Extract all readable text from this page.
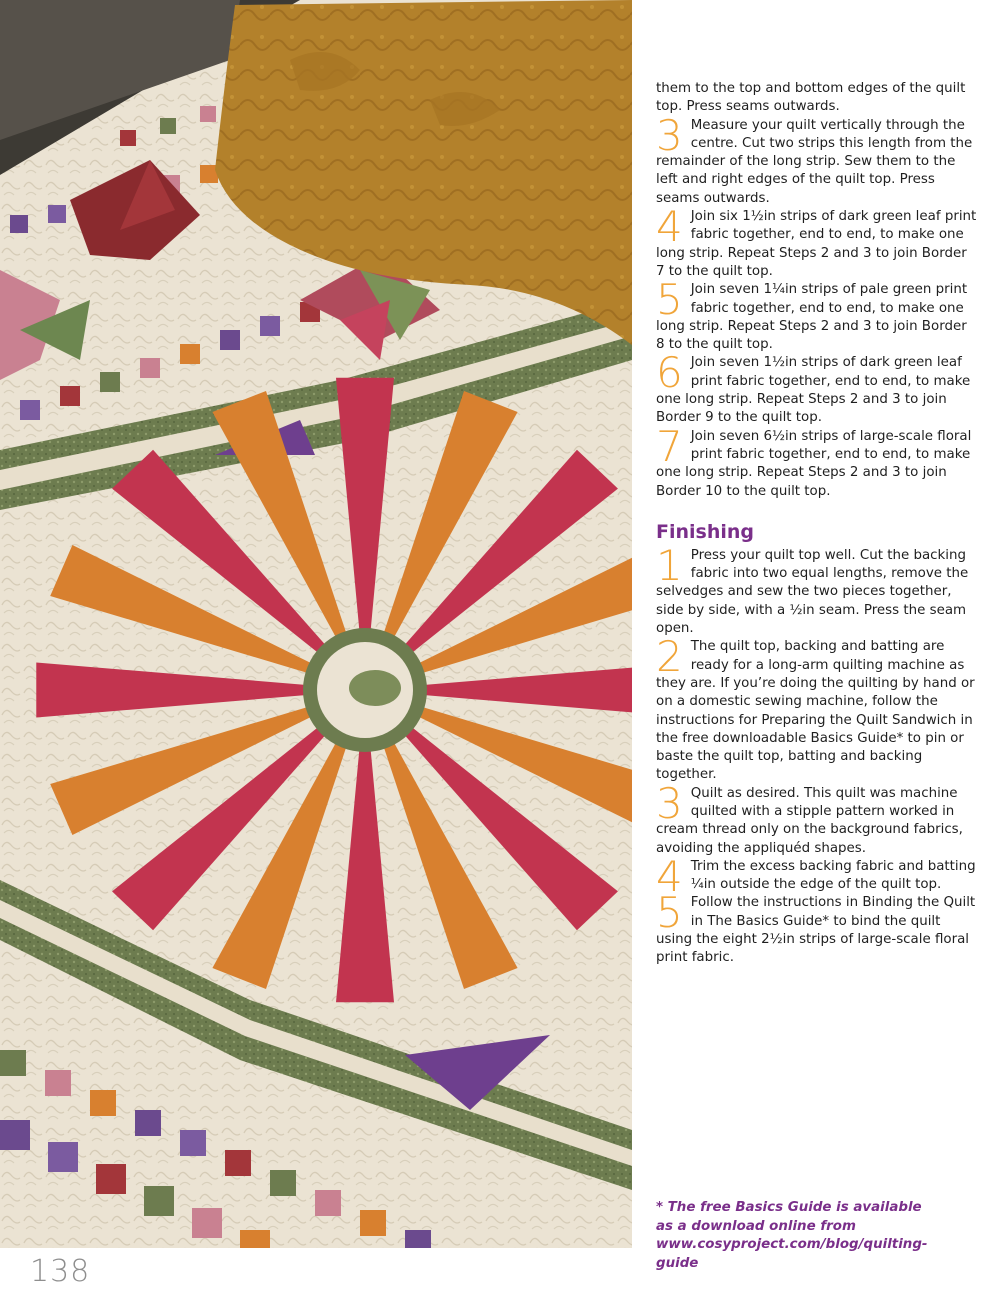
them to the top and bottom edges of the quilt top. Press seams outwards.

3 Measure your quilt vertically through the centre. Cut two strips this length from the remainder of the long strip. Sew them to the left and right edges of the quilt top. Press seams outwards.

4 Join six 1½in strips of dark green leaf print fabric together, end to end, to make one long strip. Repeat Steps 2 and 3 to join Border 7 to the quilt top.

5 Join seven 1¼in strips of pale green print fabric together, end to end, to make one long strip. Repeat Steps 2 and 3 to join Border 8 to the quilt top.

6 Join seven 1½in strips of dark green leaf print fabric together, end to end, to make one long strip. Repeat Steps 2 and 3 to join Border 9 to the quilt top.

7 Join seven 6½in strips of large-scale floral print fabric together, end to end, to make one long strip. Repeat Steps 2 and 3 to join Border 10 to the quilt top.

Finishing

1 Press your quilt top well. Cut the backing fabric into two equal lengths, remove the selvedges and sew the two pieces together, side by side, with a ½in seam. Press the seam open.

2 The quilt top, backing and batting are ready for a long-arm quilting machine as they are. If you’re doing the quilting by hand or on a domestic sewing machine, follow the instructions for Preparing the Quilt Sandwich in the free downloadable Basics Guide* to pin or baste the quilt top, batting and backing together.

3 Quilt as desired. This quilt was machine quilted with a stipple pattern worked in cream thread only on the background fabrics, avoiding the appliquéd shapes.

4 Trim the excess backing fabric and batting ¼in outside the edge of the quilt top.

5 Follow the instructions in Binding the Quilt in The Basics Guide* to bind the quilt using the eight 2½in strips of large-scale floral print fabric.

* The free Basics Guide is available as a download online from www.cosyproject.com/blog/quilting-guide
138
